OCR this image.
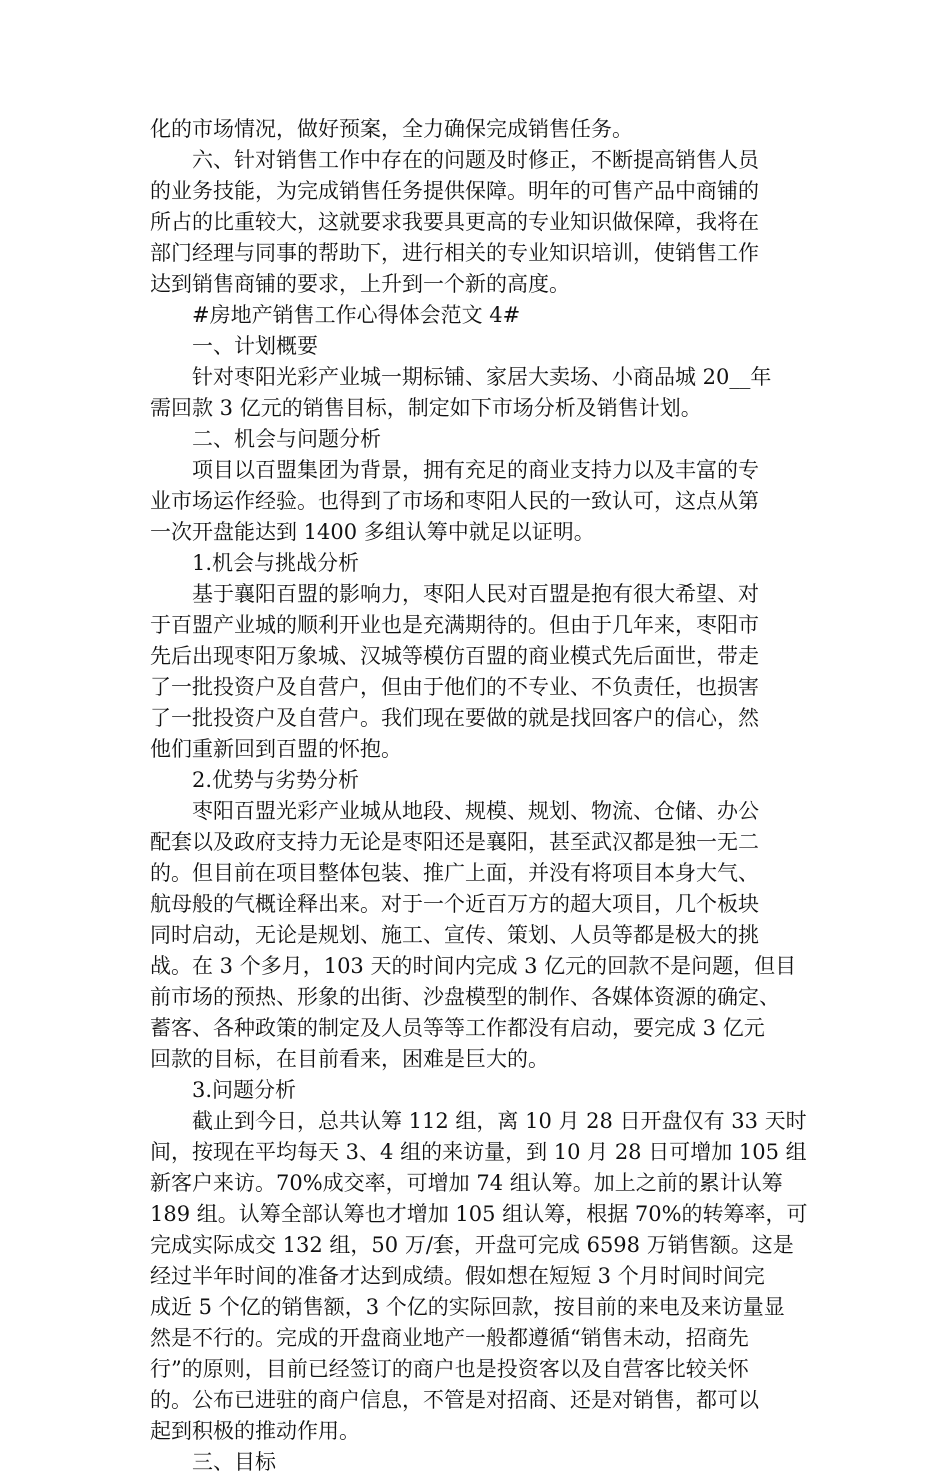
化的市场情况，做好预案，全力确保完成销售任务。
六、针对销售工作中存在的问题及时修正，不断提高销售人员
的业务技能，为完成销售任务提供保障。明年的可售产品中商铺的
所占的比重较大，这就要求我要具更高的专业知识做保障，我将在
部门经理与同事的帮助下，进行相关的专业知识培训，使销售工作
达到销售商铺的要求，上升到一个新的高度。
#房地产销售工作心得体会范文 4#
一、计划概要
针对枣阳光彩产业城一期标铺、家居大卖场、小商品城 20__年
需回款 3 亿元的销售目标，制定如下市场分析及销售计划。
二、机会与问题分析
项目以百盟集团为背景，拥有充足的商业支持力以及丰富的专
业市场运作经验。也得到了市场和枣阳人民的一致认可，这点从第
一次开盘能达到 1400 多组认筹中就足以证明。
1.机会与挑战分析
基于襄阳百盟的影响力，枣阳人民对百盟是抱有很大希望、对
于百盟产业城的顺利开业也是充满期待的。但由于几年来，枣阳市
先后出现枣阳万象城、汉城等模仿百盟的商业模式先后面世，带走
了一批投资户及自营户，但由于他们的不专业、不负责任，也损害
了一批投资户及自营户。我们现在要做的就是找回客户的信心，然
他们重新回到百盟的怀抱。
2.优势与劣势分析
枣阳百盟光彩产业城从地段、规模、规划、物流、仓储、办公
配套以及政府支持力无论是枣阳还是襄阳，甚至武汉都是独一无二
的。但目前在项目整体包装、推广上面，并没有将项目本身大气、
航母般的气概诠释出来。对于一个近百万方的超大项目，几个板块
同时启动，无论是规划、施工、宣传、策划、人员等都是极大的挑
战。在 3 个多月，103 天的时间内完成 3 亿元的回款不是问题，但目
前市场的预热、形象的出街、沙盘模型的制作、各媒体资源的确定、
蓄客、各种政策的制定及人员等等工作都没有启动，要完成 3 亿元
回款的目标，在目前看来，困难是巨大的。
3.问题分析
截止到今日，总共认筹 112 组，离 10 月 28 日开盘仅有 33 天时
间，按现在平均每天 3、4 组的来访量，到 10 月 28 日可增加 105 组
新客户来访。70%成交率，可增加 74 组认筹。加上之前的累计认筹
189 组。认筹全部认筹也才增加 105 组认筹，根据 70%的转筹率，可
完成实际成交 132 组，50 万/套，开盘可完成 6598 万销售额。这是
经过半年时间的准备才达到成绩。假如想在短短 3 个月时间时间完
成近 5 个亿的销售额，3 个亿的实际回款，按目前的来电及来访量显
然是不行的。完成的开盘商业地产一般都遵循“销售未动，招商先
行”的原则，目前已经签订的商户也是投资客以及自营客比较关怀
的。公布已进驻的商户信息，不管是对招商、还是对销售，都可以
起到积极的推动作用。
三、目标
